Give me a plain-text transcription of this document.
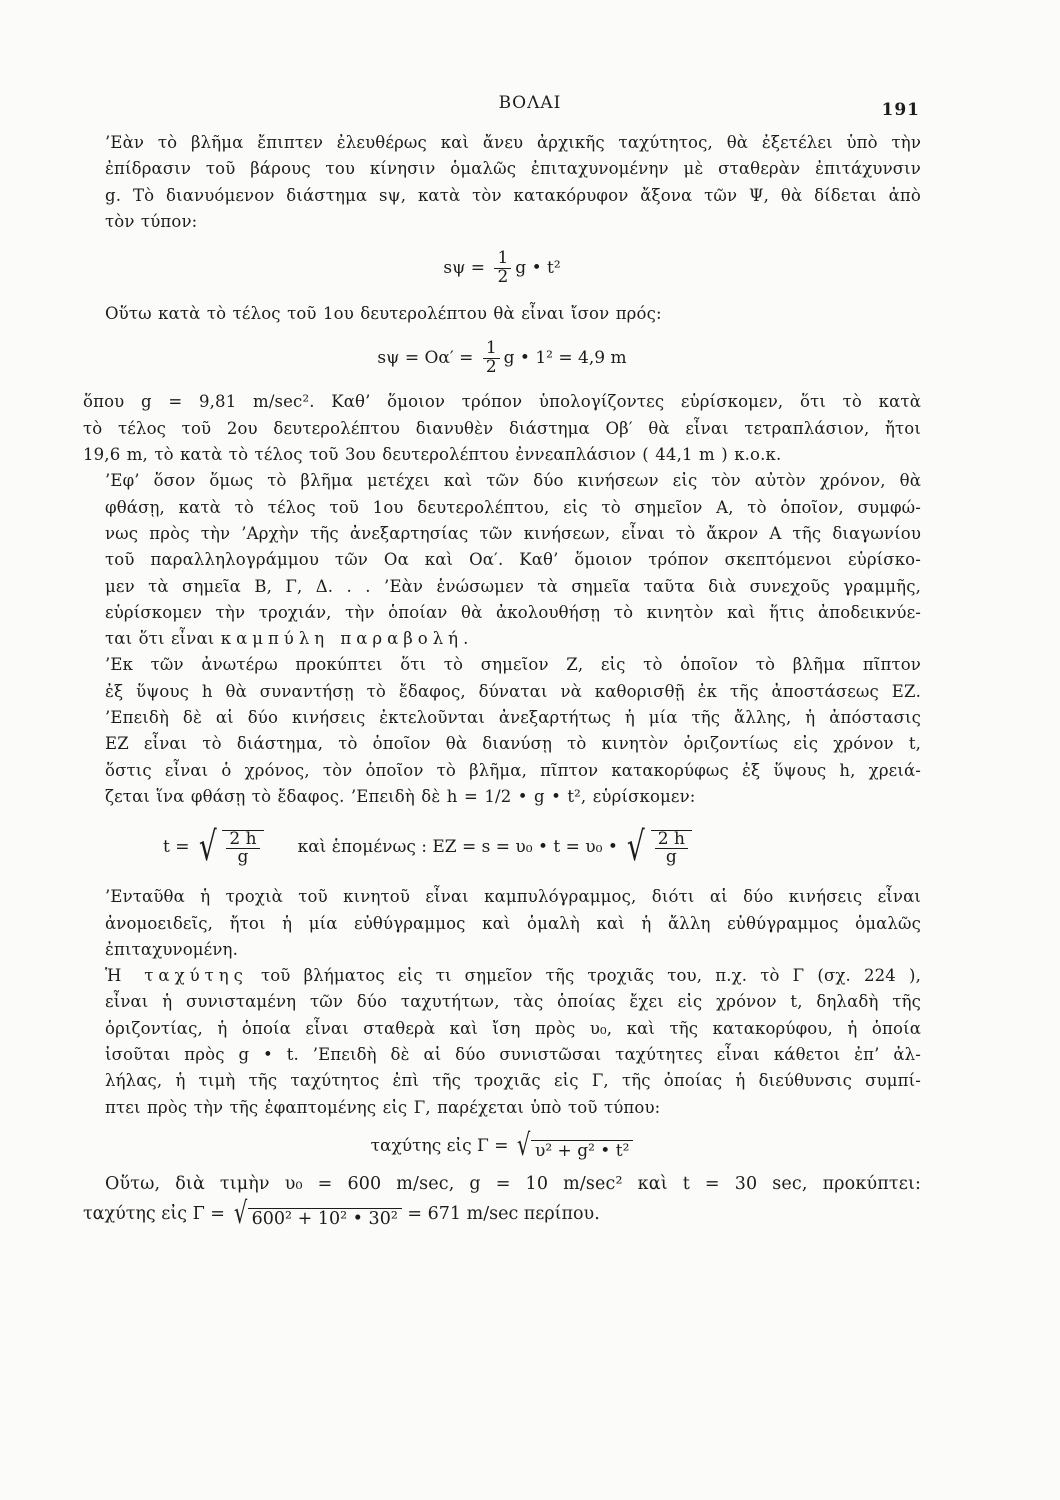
ΒΟΛΑΙ	191

’Εὰν τὸ βλῆμα ἔπιπτεν ἐλευθέρως καὶ ἄνευ ἀρχικῆς ταχύτητος, θὰ ἐξετέλει ὑπὸ τὴν
ἐπίδρασιν τοῦ βάρους του κίνησιν ὁμαλῶς ἐπιταχυνομένην μὲ σταθερὰν ἐπιτάχυνσιν
g. Τὸ διανυόμενον διάστημα sψ, κατὰ τὸν κατακόρυφον ἄξονα τῶν Ψ, θὰ δίδεται ἀπὸ
τὸν τύπον:

$s\psi = \frac{1}{2}$ g • t²

Οὕτω κατὰ τὸ τέλος τοῦ 1ου δευτερολέπτου θὰ εἶναι ἴσον πρός:

$s\psi = O\alpha' = \frac{1}{2}$ g • 1² = 4,9 m

ὅπου g = 9,81 m/sec². Καθ’ ὅμοιον τρόπον ὑπολογίζοντες εὑρίσκομεν, ὅτι τὸ κατὰ
τὸ τέλος τοῦ 2ου δευτερολέπτου διανυθὲν διάστημα Οβ′ θὰ εἶναι τετραπλάσιον, ἤτοι
19,6 m, τὸ κατὰ τὸ τέλος τοῦ 3ου δευτερολέπτου ἐννεαπλάσιον ( 44,1 m ) κ.ο.κ.

’Εφ’ ὅσον ὅμως τὸ βλῆμα μετέχει καὶ τῶν δύο κινήσεων εἰς τὸν αὐτὸν χρόνον, θὰ
φθάσῃ, κατὰ τὸ τέλος τοῦ 1ου δευτερολέπτου, εἰς τὸ σημεῖον Α, τὸ ὁποῖον, συμφώ-
νως πρὸς τὴν ’Αρχὴν τῆς ἀνεξαρτησίας τῶν κινήσεων, εἶναι τὸ ἄκρον Α τῆς διαγωνίου
τοῦ παραλληλογράμμου τῶν Οα καὶ Οα′. Καθ’ ὅμοιον τρόπον σκεπτόμενοι εὑρίσκο-
μεν τὰ σημεῖα Β, Γ, Δ. . . ’Εὰν ἑνώσωμεν τὰ σημεῖα ταῦτα διὰ συνεχοῦς γραμμῆς,
εὑρίσκομεν τὴν τροχιάν, τὴν ὁποίαν θὰ ἀκολουθήσῃ τὸ κινητὸν καὶ ἥτις ἀποδεικνύε-
ται ὅτι εἶναι καμπύλη παραβολή.

’Εκ τῶν ἀνωτέρω προκύπτει ὅτι τὸ σημεῖον Ζ, εἰς τὸ ὁποῖον τὸ βλῆμα πῖπτον
ἐξ ὕψους h θὰ συναντήσῃ τὸ ἔδαφος, δύναται νὰ καθορισθῇ ἐκ τῆς ἀποστάσεως ΕΖ.
’Επειδὴ δὲ αἱ δύο κινήσεις ἐκτελοῦνται ἀνεξαρτήτως ἡ μία τῆς ἄλλης, ἡ ἀπόστασις
ΕΖ εἶναι τὸ διάστημα, τὸ ὁποῖον θὰ διανύσῃ τὸ κινητὸν ὁριζοντίως εἰς χρόνον t,
ὅστις εἶναι ὁ χρόνος, τὸν ὁποῖον τὸ βλῆμα, πῖπτον κατακορύφως ἐξ ὕψους h, χρειά-
ζεται ἵνα φθάσῃ τὸ ἔδαφος. ’Επειδὴ δὲ h = 1/2 • g • t², εὑρίσκομεν:

t = √ $\frac{2 h}{g}$ καὶ ἑπομένως : ΕΖ = s = υ₀ • t = υ₀ • √ $\frac{2 h}{g}$

’Ενταῦθα ἡ τροχιὰ τοῦ κινητοῦ εἶναι καμπυλόγραμμος, διότι αἱ δύο κινήσεις εἶναι
ἀνομοειδεῖς, ἤτοι ἡ μία εὐθύγραμμος καὶ ὁμαλὴ καὶ ἡ ἄλλη εὐθύγραμμος ὁμαλῶς
ἐπιταχυνομένη.

Ἡ ταχύτης τοῦ βλήματος εἰς τι σημεῖον τῆς τροχιᾶς του, π.χ. τὸ Γ (σχ. 224 ),
εἶναι ἡ συνισταμένη τῶν δύο ταχυτήτων, τὰς ὁποίας ἔχει εἰς χρόνον t, δηλαδὴ τῆς
ὁριζοντίας, ἡ ὁποία εἶναι σταθερὰ καὶ ἴση πρὸς υ₀, καὶ τῆς κατακορύφου, ἡ ὁποία
ἰσοῦται πρὸς g • t. ’Επειδὴ δὲ αἱ δύο συνιστῶσαι ταχύτητες εἶναι κάθετοι ἐπ’ ἀλ-
λήλας, ἡ τιμὴ τῆς ταχύτητος ἐπὶ τῆς τροχιᾶς εἰς Γ, τῆς ὁποίας ἡ διεύθυνσις συμπί-
πτει πρὸς τὴν τῆς ἐφαπτομένης εἰς Γ, παρέχεται ὑπὸ τοῦ τύπου:

ταχύτης εἰς Γ = √ υ² + g² • t²

Οὕτω, διὰ τιμὴν υ₀ = 600 m/sec, g = 10 m/sec² καὶ t = 30 sec, προκύπτει:

ταχύτης εἰς Γ = √ 600² + 10² • 30² = 671 m/sec περίπου.
